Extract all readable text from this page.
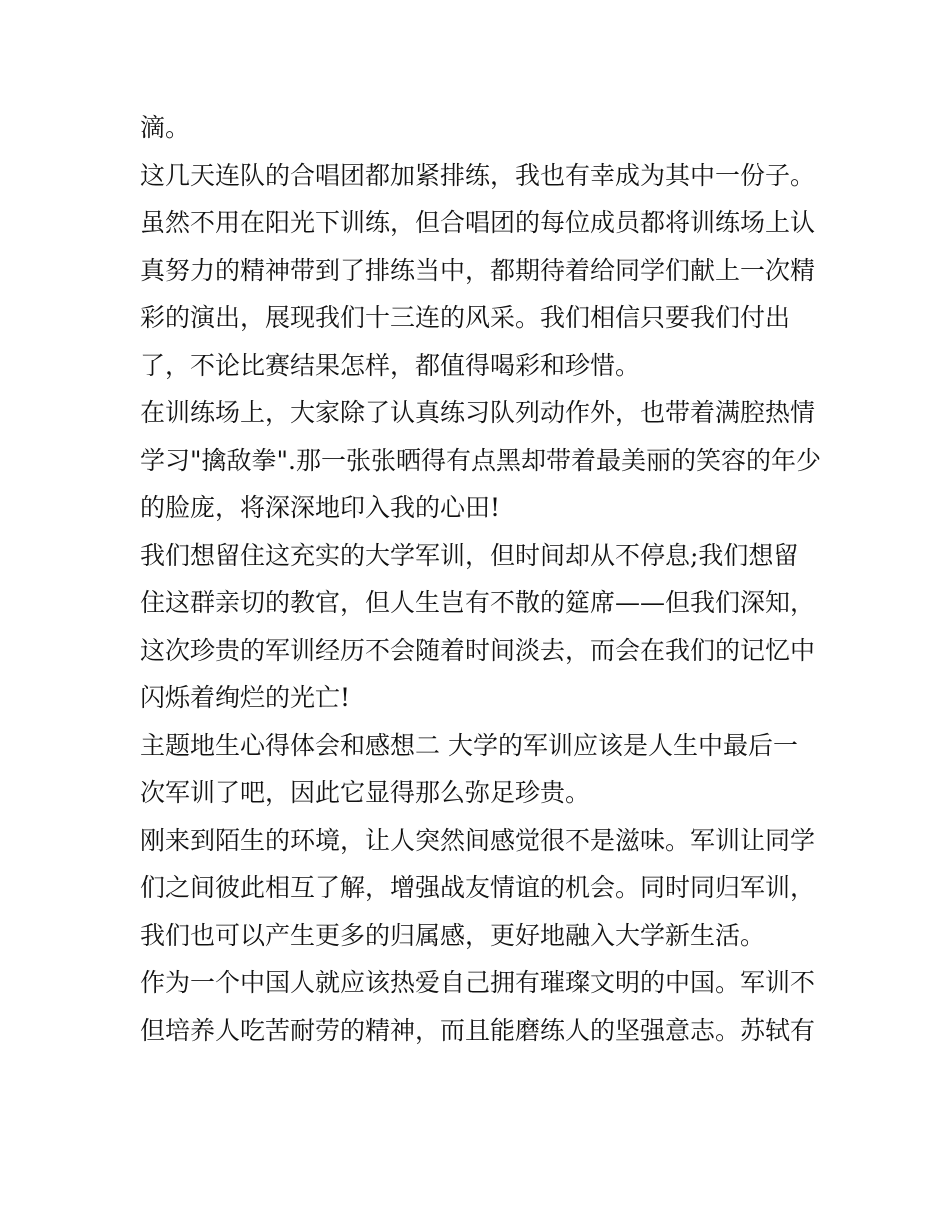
滴。
这几天连队的合唱团都加紧排练，我也有幸成为其中一份子。
虽然不用在阳光下训练，但合唱团的每位成员都将训练场上认
真努力的精神带到了排练当中，都期待着给同学们献上一次精
彩的演出，展现我们十三连的风采。我们相信只要我们付出
了，不论比赛结果怎样，都值得喝彩和珍惜。
在训练场上，大家除了认真练习队列动作外，也带着满腔热情
学习"擒敌拳".那一张张晒得有点黑却带着最美丽的笑容的年少
的脸庞，将深深地印入我的心田!
我们想留住这充实的大学军训，但时间却从不停息;我们想留
住这群亲切的教官，但人生岂有不散的筵席——但我们深知，
这次珍贵的军训经历不会随着时间淡去，而会在我们的记忆中
闪烁着绚烂的光亡!
主题地生心得体会和感想二 大学的军训应该是人生中最后一
次军训了吧，因此它显得那么弥足珍贵。
刚来到陌生的环境，让人突然间感觉很不是滋味。军训让同学
们之间彼此相互了解，增强战友情谊的机会。同时同归军训，
我们也可以产生更多的归属感，更好地融入大学新生活。
作为一个中国人就应该热爱自己拥有璀璨文明的中国。军训不
但培养人吃苦耐劳的精神，而且能磨练人的坚强意志。苏轼有
